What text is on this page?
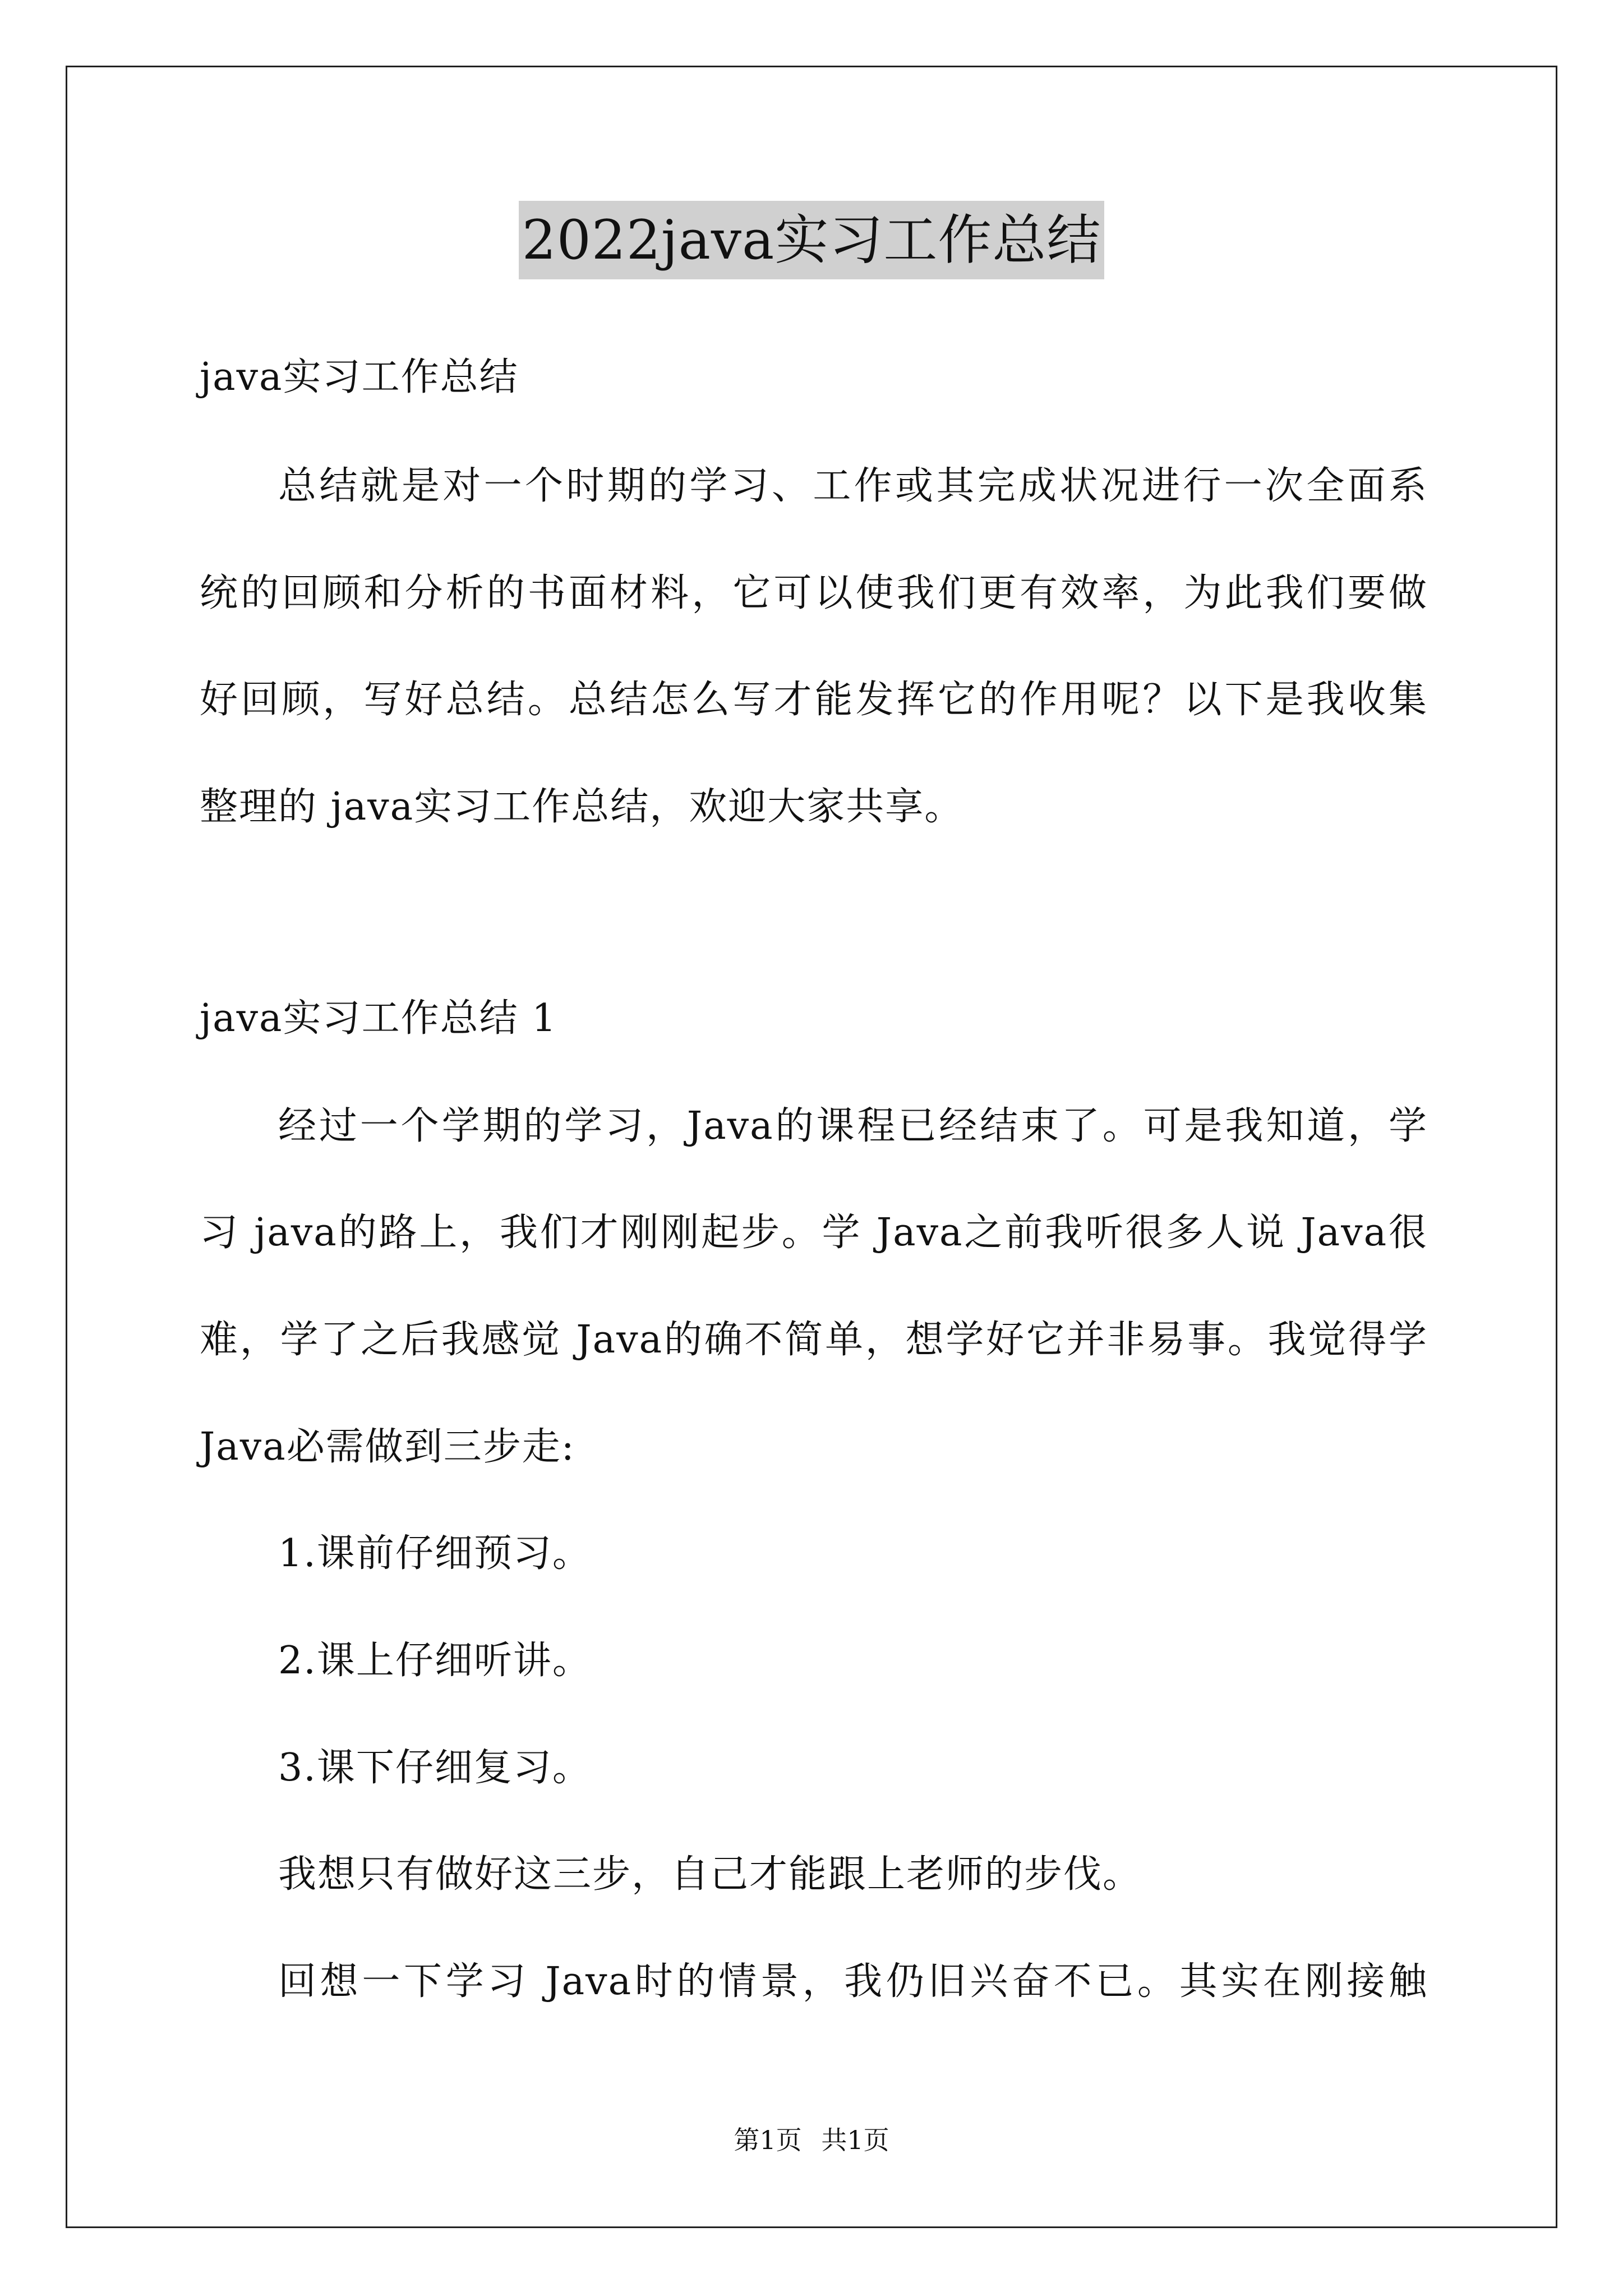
2022java实习工作总结
java实习工作总结
总结就是对一个时期的学习、工作或其完成状况进行一次全面系
统的回顾和分析的书面材料，它可以使我们更有效率，为此我们要做
好回顾，写好总结。总结怎么写才能发挥它的作用呢？以下是我收集
整理的 java实习工作总结，欢迎大家共享。
java实习工作总结 1
经过一个学期的学习，Java的课程已经结束了。可是我知道，学
习 java的路上，我们才刚刚起步。学 Java之前我听很多人说 Java很
难，学了之后我感觉 Java的确不简单，想学好它并非易事。我觉得学
Java必需做到三步走:
1.课前仔细预习。
2.课上仔细听讲。
3.课下仔细复习。
我想只有做好这三步，自己才能跟上老师的步伐。
回想一下学习 Java时的情景，我仍旧兴奋不已。其实在刚接触
第1页 共1页
